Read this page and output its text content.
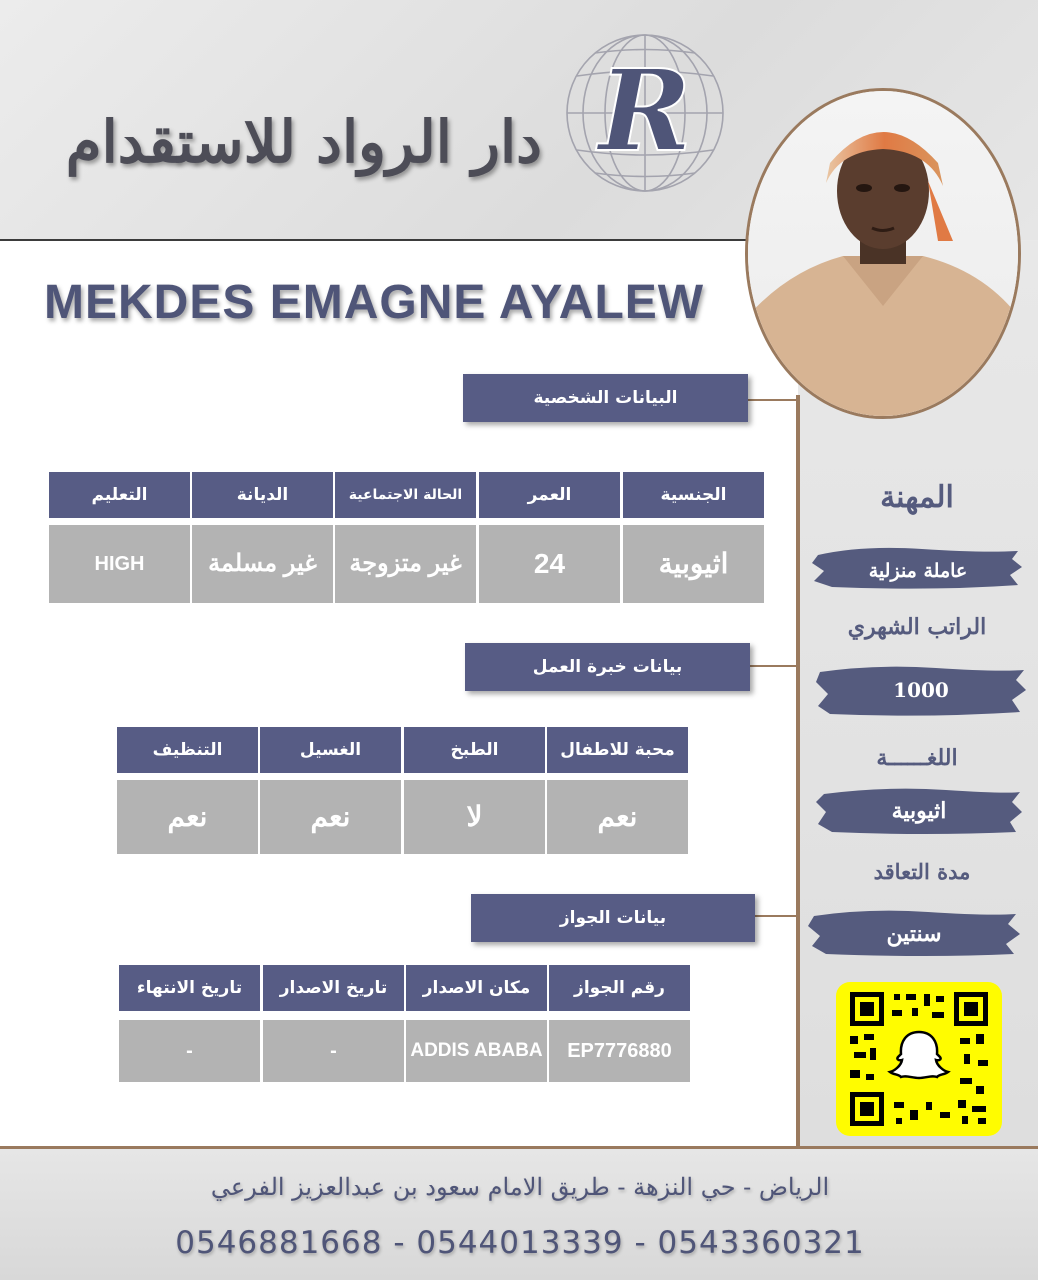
دار الرواد للاستقدام R
MEKDES EMAGNE AYALEW
البيانات الشخصية
الجنسية
العمر
الحالة الاجتماعية
الديانة
التعليم
اثيوبية
24
غير متزوجة
غير مسلمة
HIGH SCHOOL
بيانات خبرة العمل
محبة للاطفال
الطبخ
الغسيل
التنظيف
نعم
لا
نعم
نعم
بيانات الجواز
رقم الجواز
مكان الاصدار
تاريخ الاصدار
تاريخ الانتهاء
EP7776880
ADDIS ABABA
-
-
المهنة
عاملة منزلية
الراتب الشهري
1000
اللغــــــة
اثيوبية
مدة التعاقد
سنتين
الرياض - حي النزهة - طريق الامام سعود بن عبدالعزيز الفرعي
0546881668 - 0544013339 - 0543360321
